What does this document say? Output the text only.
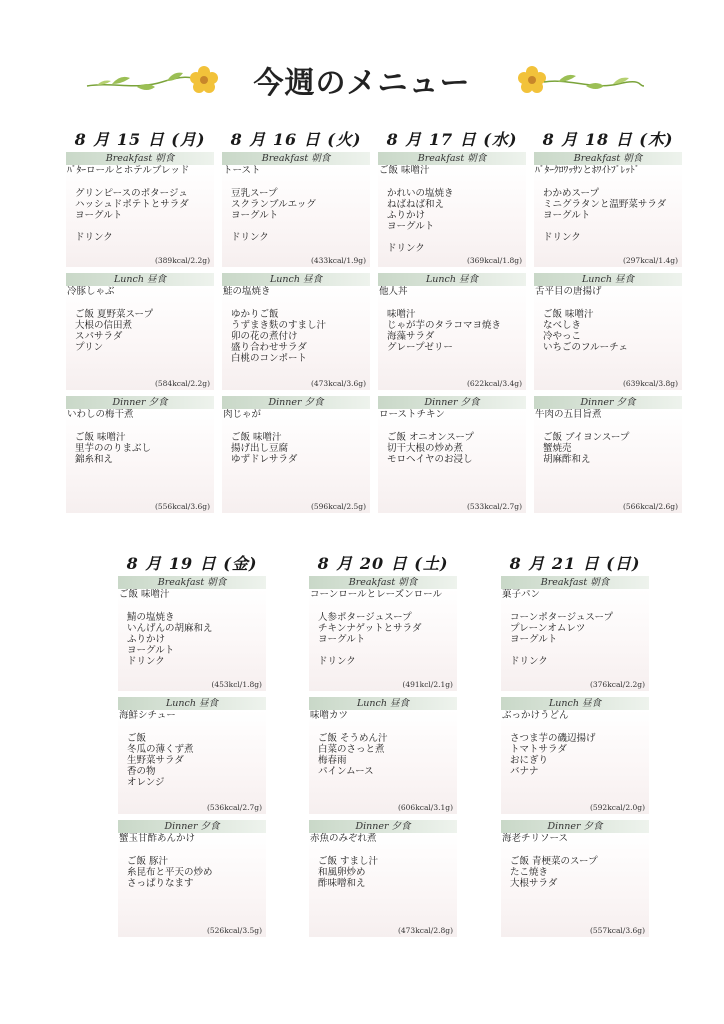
今週のメニュー
8 月 15 日 (月)
Breakfast 朝食
ﾊﾞﾀｰロールとホテルブレッド
グリンピースのポタージュ
ハッシュドポテトとサラダ
ヨーグルト
ドリンク
(389kcal/2.2g)
Lunch 昼食
冷豚しゃぶ
ご飯 夏野菜スープ
大根の信田煮
スパサラダ
プリン
(584kcal/2.2g)
Dinner 夕食
いわしの梅干煮
ご飯 味噌汁
里芋ののりまぶし
錦糸和え
(556kcal/3.6g)
8 月 16 日 (火)
Breakfast 朝食
トースト
豆乳スープ
スクランブルエッグ
ヨーグルト
ドリンク
(433kcal/1.9g)
Lunch 昼食
鮭の塩焼き
ゆかりご飯
うずまき麩のすまし汁
卯の花の煮付け
盛り合わせサラダ
白桃のコンポート
(473kcal/3.6g)
Dinner 夕食
肉じゃが
ご飯 味噌汁
揚げ出し豆腐
ゆずドレサラダ
(596kcal/2.5g)
8 月 17 日 (水)
Breakfast 朝食
ご飯 味噌汁
かれいの塩焼き
ねばねば和え
ふりかけ
ヨーグルト
ドリンク
(369kcal/1.8g)
Lunch 昼食
他人丼
味噌汁
じゃが芋のタラコマヨ焼き
海藻サラダ
グレープゼリー
(622kcal/3.4g)
Dinner 夕食
ローストチキン
ご飯 オニオンスープ
切干大根の炒め煮
モロヘイヤのお浸し
(533kcal/2.7g)
8 月 18 日 (木)
Breakfast 朝食
ﾊﾞﾀｰｸﾛﾜｯｻﾝとﾎﾜｲﾄﾌﾞﾚｯﾄﾞ
わかめスープ
ミニグラタンと温野菜サラダ
ヨーグルト
ドリンク
(297kcal/1.4g)
Lunch 昼食
舌平目の唐揚げ
ご飯 味噌汁
なべしき
冷やっこ
いちごのフルーチェ
(639kcal/3.8g)
Dinner 夕食
牛肉の五目旨煮
ご飯 ブイヨンスープ
蟹焼売
胡麻酢和え
(566kcal/2.6g)
8 月 19 日 (金)
Breakfast 朝食
ご飯 味噌汁
鯖の塩焼き
いんげんの胡麻和え
ふりかけ
ヨーグルト
ドリンク
(453kcl/1.8g)
Lunch 昼食
海鮮シチュー
ご飯
冬瓜の薄くず煮
生野菜サラダ
香の物
オレンジ
(536kcal/2.7g)
Dinner 夕食
蟹玉甘酢あんかけ
ご飯 豚汁
糸昆布と平天の炒め
さっぱりなます
(526kcal/3.5g)
8 月 20 日 (土)
Breakfast 朝食
コーンロールとレーズンロール
人参ポタージュスープ
チキンナゲットとサラダ
ヨーグルト
ドリンク
(491kcl/2.1g)
Lunch 昼食
味噌カツ
ご飯 そうめん汁
白菜のさっと煮
梅春雨
パインムース
(606kcal/3.1g)
Dinner 夕食
赤魚のみぞれ煮
ご飯 すまし汁
和風卵炒め
酢味噌和え
(473kcal/2.8g)
8 月 21 日 (日)
Breakfast 朝食
菓子パン
コーンポタージュスープ
プレーンオムレツ
ヨーグルト
ドリンク
(376kcal/2.2g)
Lunch 昼食
ぶっかけうどん
さつま芋の磯辺揚げ
トマトサラダ
おにぎり
バナナ
(592kcal/2.0g)
Dinner 夕食
海老チリソース
ご飯 青梗菜のスープ
たこ焼き
大根サラダ
(557kcal/3.6g)
